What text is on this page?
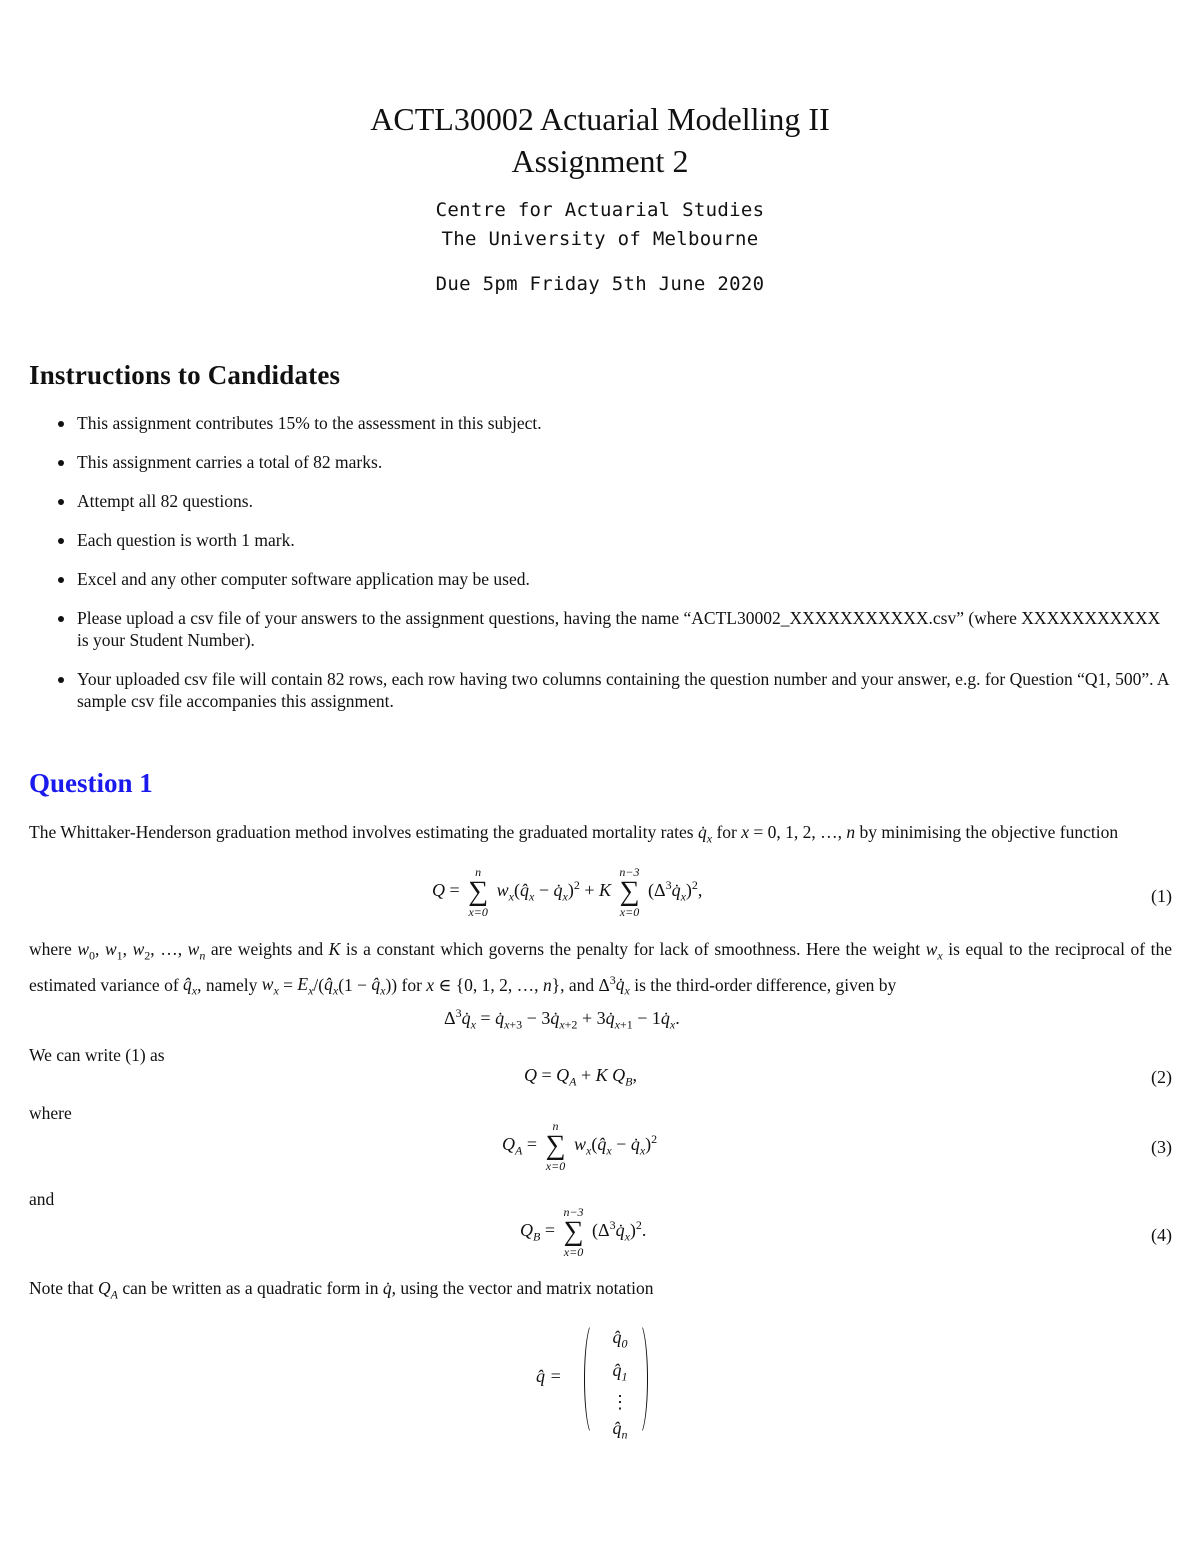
ACTL30002 Actuarial Modelling II
Assignment 2
Centre for Actuarial Studies
The University of Melbourne
Due 5pm Friday 5th June 2020
Instructions to Candidates
This assignment contributes 15% to the assessment in this subject.
This assignment carries a total of 82 marks.
Attempt all 82 questions.
Each question is worth 1 mark.
Excel and any other computer software application may be used.
Please upload a csv file of your answers to the assignment questions, having the name “ACTL30002_XXXXXXXXXXX.csv” (where XXXXXXXXXXX is your Student Number).
Your uploaded csv file will contain 82 rows, each row having two columns containing the question number and your answer, e.g. for Question “Q1, 500”. A sample csv file accompanies this assignment.
Question 1
The Whittaker-Henderson graduation method involves estimating the graduated mortality rates $q̇_x$ for x = 0, 1, 2, …, n by minimising the objective function
Q =
n
∑
x=0
$w_x(q̂_x$ − $q̇_x)^2 + K$
n−3
∑
x=0
$(\Delta^3q̇_x)^2$,	(1)
where $w_0$, $w_1$, $w_2$, …, $w_n$ are weights and K is a constant which governs the penalty for lack of smoothness. Here the weight $w_x$ is equal to the reciprocal of the estimated variance of $q̂_x$, namely $w_x$ = $E_x/(q̂_x(1$ − $q̂_x$)) for x ∈ {0, 1, 2, …, n}, and $\Delta^3q̇_x$ is the third-order difference, given by
$\Delta^3q̇_x$ = $q̇_{x+3}$ − $3q̇_{x+2}$ + $3q̇_{x+1}$ − $1q̇_x$.
We can write (1) as
$Q = Q_A + K$ $Q_B$,	(2)
where
$Q_A$ =
n
∑
x=0
$w_x(q̂_x$ − $q̇_x)^2$	(3)
and
$Q_B$ =
n−3
∑
x=0
$(\Delta^3q̇_x)^2$.	(4)
Note that $Q_A$ can be written as a quadratic form in q̇, using the vector and matrix notation
q̂ =
$q̂_0$
$q̂_1$
⋮
$q̂_n$
